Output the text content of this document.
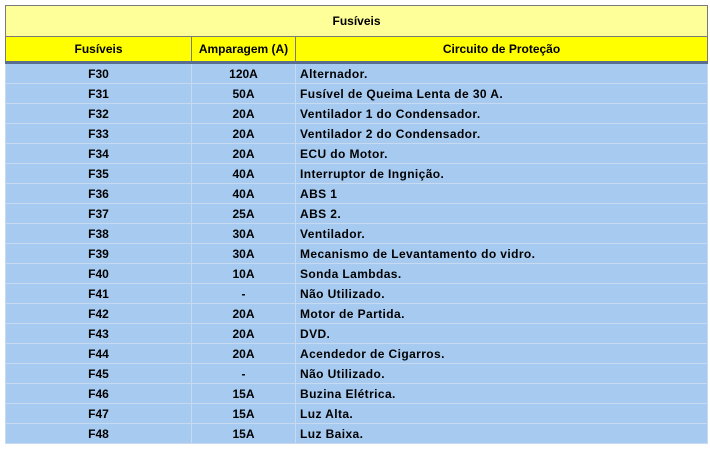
Fusíveis		
Fusíveis	Amparagem (A)	Circuito de Proteção
F30	120A	Alternador.
F31	50A	Fusível de Queima Lenta de 30 A.
F32	20A	Ventilador 1 do Condensador.
F33	20A	Ventilador 2 do Condensador.
F34	20A	ECU do Motor.
F35	40A	Interruptor de Ingnição.
F36	40A	ABS 1
F37	25A	ABS 2.
F38	30A	Ventilador.
F39	30A	Mecanismo de Levantamento do vidro.
F40	10A	Sonda Lambdas.
F41	-	Não Utilizado.
F42	20A	Motor de Partida.
F43	20A	DVD.
F44	20A	Acendedor de Cigarros.
F45	-	Não Utilizado.
F46	15A	Buzina Elétrica.
F47	15A	Luz Alta.
F48	15A	Luz Baixa.
